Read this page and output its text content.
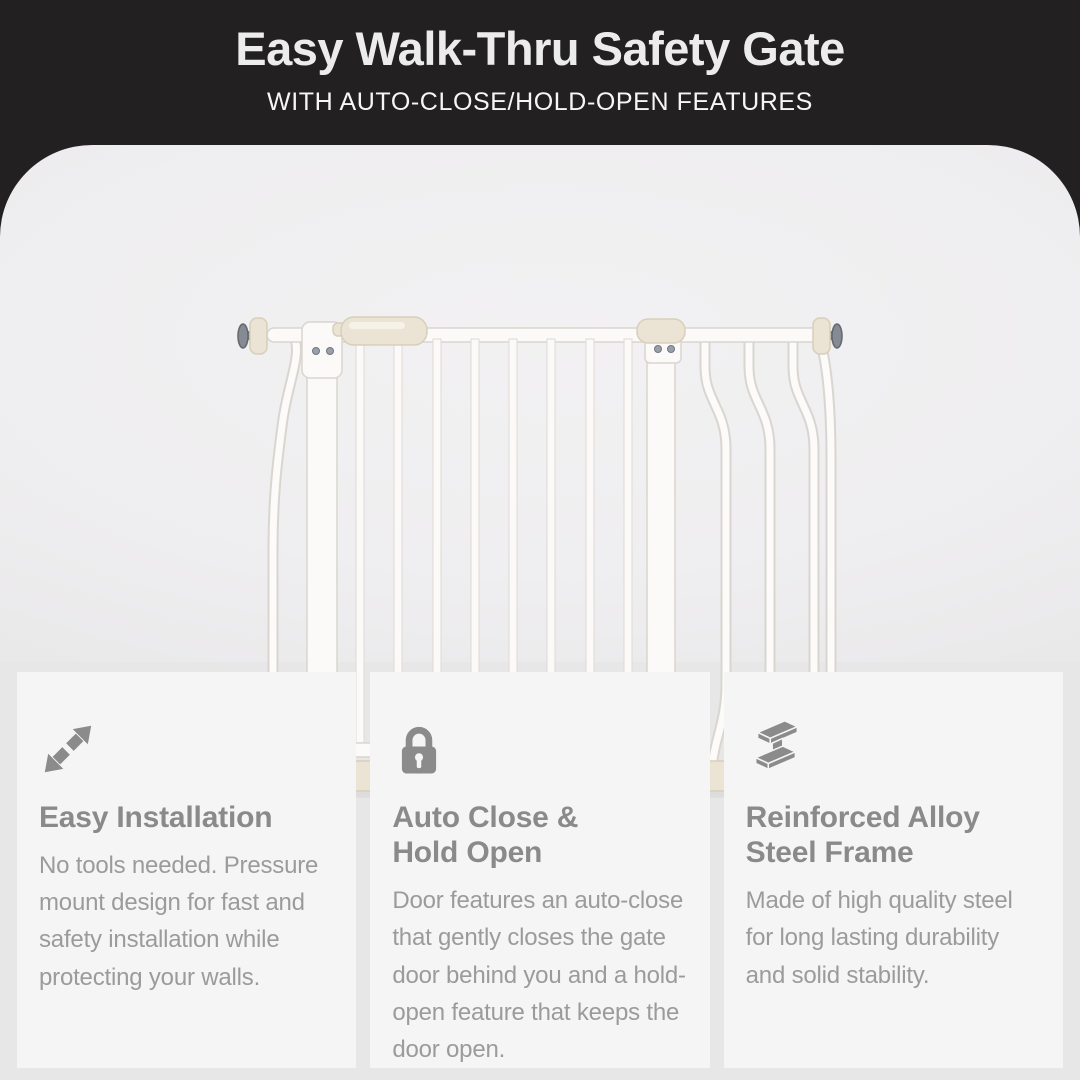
Easy Walk-Thru Safety Gate
WITH AUTO-CLOSE/HOLD-OPEN FEATURES
Easy Installation
No tools needed. Pressure mount design for fast and safety installation while protecting your walls.
Auto Close &
Hold Open
Door features an auto-close that gently closes the gate door behind you and a hold-open feature that keeps the door open.
Reinforced Alloy
Steel Frame
Made of high quality steel for long lasting durability and solid stability.
